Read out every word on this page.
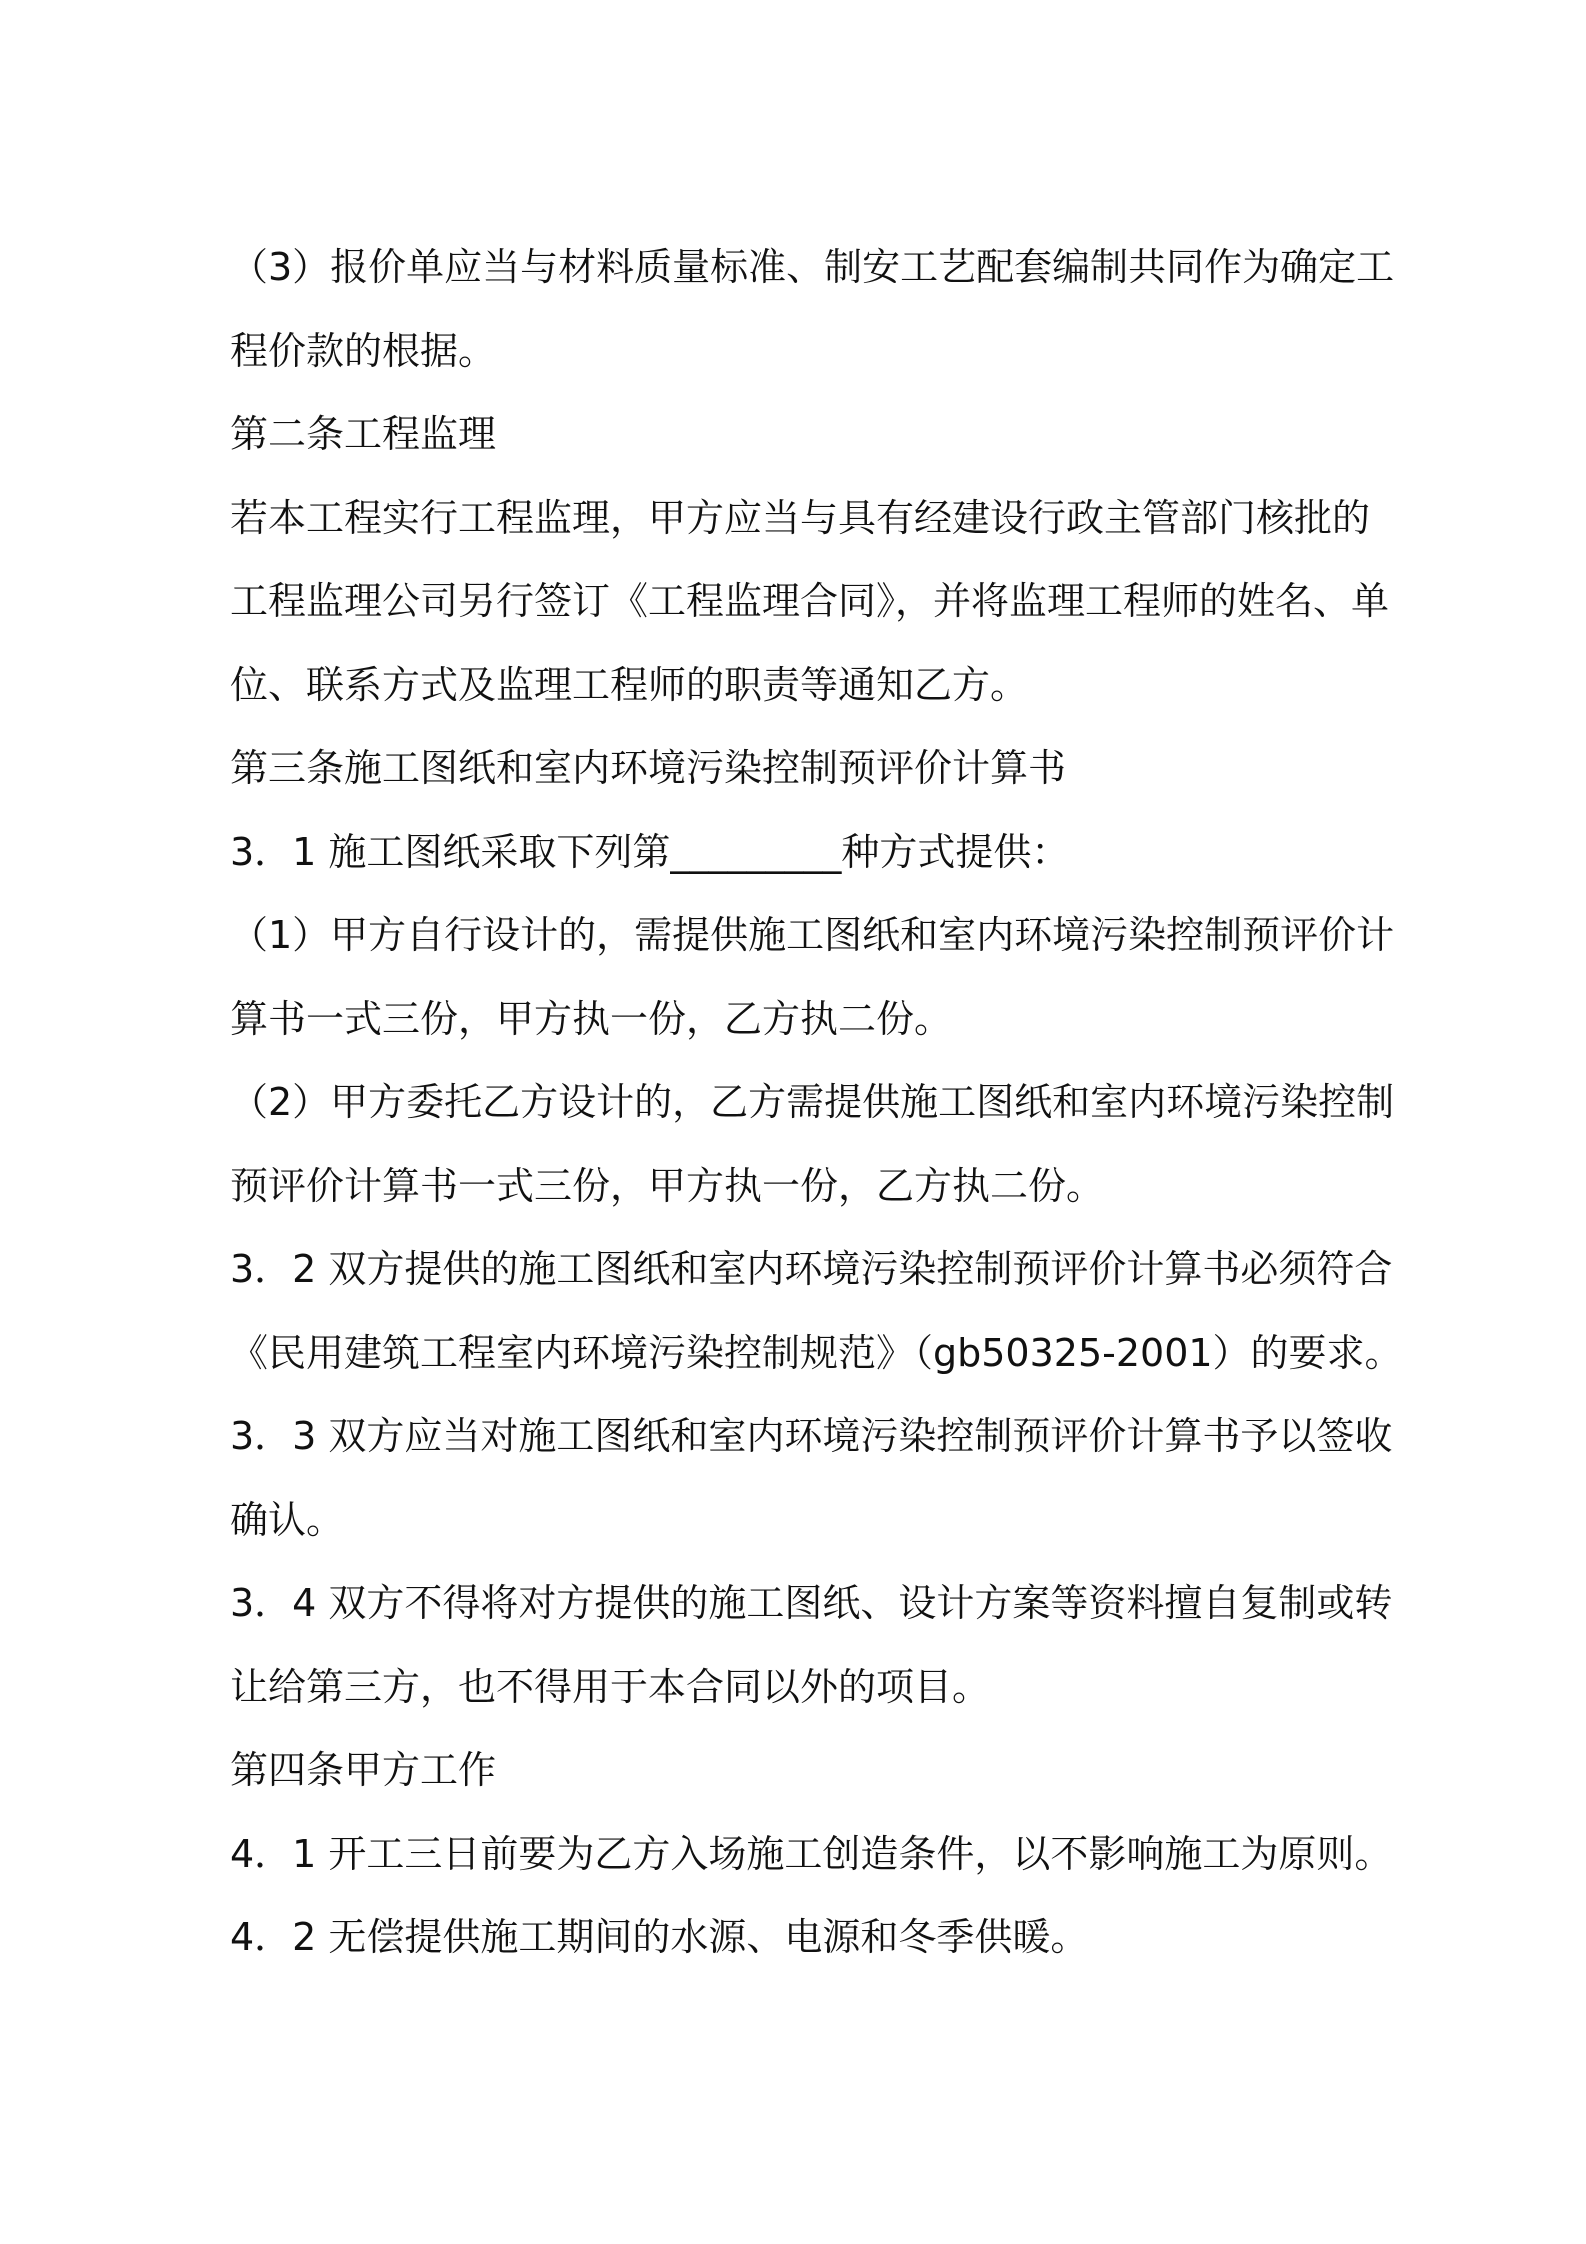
（3）报价单应当与材料质量标准、制安工艺配套编制共同作为确定工

程价款的根据。

第二条工程监理

若本工程实行工程监理，甲方应当与具有经建设行政主管部门核批的

工程监理公司另行签订《工程监理合同》，并将监理工程师的姓名、单

位、联系方式及监理工程师的职责等通知乙方。

第三条施工图纸和室内环境污染控制预评价计算书

3．1 施工图纸采取下列第_________种方式提供：

（1）甲方自行设计的，需提供施工图纸和室内环境污染控制预评价计

算书一式三份，甲方执一份，乙方执二份。

（2）甲方委托乙方设计的，乙方需提供施工图纸和室内环境污染控制

预评价计算书一式三份，甲方执一份，乙方执二份。

3．2 双方提供的施工图纸和室内环境污染控制预评价计算书必须符合

《民用建筑工程室内环境污染控制规范》（gb50325-2001）的要求。

3．3 双方应当对施工图纸和室内环境污染控制预评价计算书予以签收

确认。

3．4 双方不得将对方提供的施工图纸、设计方案等资料擅自复制或转

让给第三方，也不得用于本合同以外的项目。

第四条甲方工作

4．1 开工三日前要为乙方入场施工创造条件，以不影响施工为原则。

4．2 无偿提供施工期间的水源、电源和冬季供暖。
